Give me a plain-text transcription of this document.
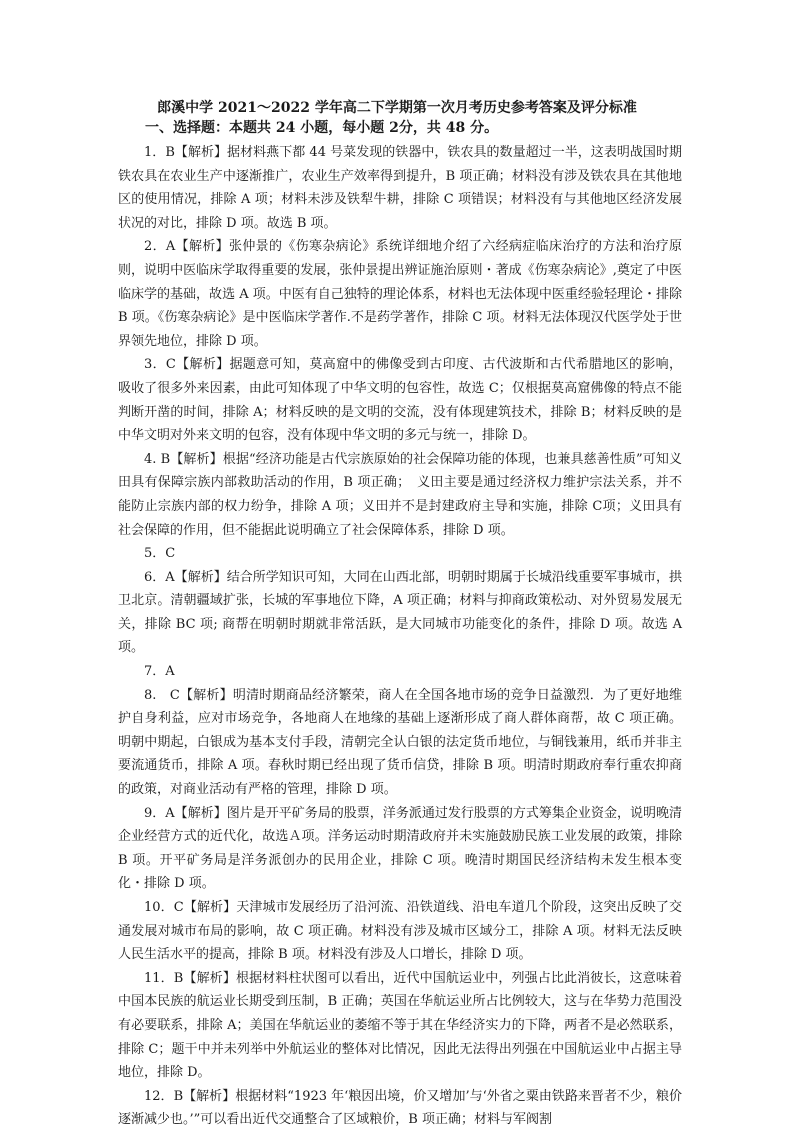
郎溪中学 2021～2022 学年高二下学期第一次月考历史参考答案及评分标准
一、选择题：本题共 24 小题，每小题 2分，共 48 分。

1．B【解析】据材料燕下都 44 号菜发现的铁器中，铁农具的数量超过一半，这表明战国时期铁农具在农业生产中逐渐推广，农业生产效率得到提升，B 项正确；材料没有涉及铁农具在其他地区的使用情况，排除 A 项；材料未涉及铁犁牛耕，排除 C 项错误；材料没有与其他地区经济发展状况的对比，排除 D 项。故选 B 项。

2．A【解析】张仲景的《伤寒杂病论》系统详细地介绍了六经病症临床治疗的方法和治疗原则，说明中医临床学取得重要的发展，张仲景提出辨证施治原则・著成《伤寒杂病论》,奠定了中医临床学的基础，故选 A 项。中医有自己独特的理论体系，材料也无法体现中医重经验轻理论・排除 B 项。《伤寒杂病论》是中医临床学著作.不是药学著作，排除 C 项。材料无法体现汉代医学处于世界领先地位，排除 D 项。

3．C【解析】据题意可知，莫高窟中的佛像受到古印度、古代波斯和古代希腊地区的影响，吸收了很多外来因素，由此可知体现了中华文明的包容性，故选 C；仅根据莫高窟佛像的特点不能判断开凿的时间，排除 A；材料反映的是文明的交流，没有体现建筑技术，排除 B；材料反映的是中华文明对外来文明的包容，没有体现中华文明的多元与统一，排除 D。

4. B【解析】根据“经济功能是古代宗族原始的社会保障功能的体现，也兼具慈善性质”可知义田具有保障宗族内部救助活动的作用，B 项正确；　义田主要是通过经济权力维护宗法关系，并不能防止宗族内部的权力纷争，排除 A 项；义田并不是封建政府主导和实施，排除 C项；义田具有社会保障的作用，但不能据此说明确立了社会保障体系，排除 D 项。

5．C

6．A【解析】结合所学知识可知，大同在山西北部，明朝时期属于长城沿线重要军事城市，拱卫北京。清朝疆域扩张，长城的军事地位下降，A 项正确；材料与抑商政策松动、对外贸易发展无关，排除 BC 项; 商帮在明朝时期就非常活跃，是大同城市功能变化的条件，排除 D 项。故选 A 项。

7．A

8.　C【解析】明清时期商品经济繁荣，商人在全国各地市场的竞争日益激烈．为了更好地维护自身利益，应对市场竞争，各地商人在地缘的基础上逐渐形成了商人群体商帮，故 C 项正确。明朝中期起，白银成为基本支付手段，清朝完全认白银的法定货币地位，与铜钱兼用，纸币并非主要流通货币，排除 A 项。春秋时期已经出现了货币信贷，排除 B 项。明清时期政府奉行重农抑商的政策，对商业活动有严格的管理，排除 D 项。

9．A【解析】图片是开平矿务局的股票，洋务派通过发行股票的方式筹集企业资金，说明晚清企业经营方式的近代化，故选Ａ项。洋务运动时期清政府并未实施鼓励民族工业发展的政策，排除 B 项。开平矿务局是洋务派创办的民用企业，排除 C 项。晚清时期国民经济结构未发生根本变化・排除 D 项。

10．C【解析】天津城市发展经历了沿河流、沿铁道线、沿电车道几个阶段，这突出反映了交通发展对城市布局的影响，故 C 项正确。材料没有涉及城市区域分工，排除 A 项。材料无法反映人民生活水平的提高，排除 B 项。材料没有涉及人口增长，排除 D 项。

11．B【解析】根据材料柱状图可以看出，近代中国航运业中，列强占比此消彼长，这意味着中国本民族的航运业长期受到压制，B 正确；英国在华航运业所占比例较大，这与在华势力范围没有必要联系，排除 A；美国在华航运业的萎缩不等于其在华经济实力的下降，两者不是必然联系，排除 C；题干中并未列举中外航运业的整体对比情况，因此无法得出列强在中国航运业中占据主导地位，排除 D。

12．B【解析】根据材料“1923 年‘粮因出境，价又增加’与‘外省之粟由铁路来晋者不少，粮价逐渐减少也。’”可以看出近代交通整合了区域粮价，B 项正确；材料与军阀割
